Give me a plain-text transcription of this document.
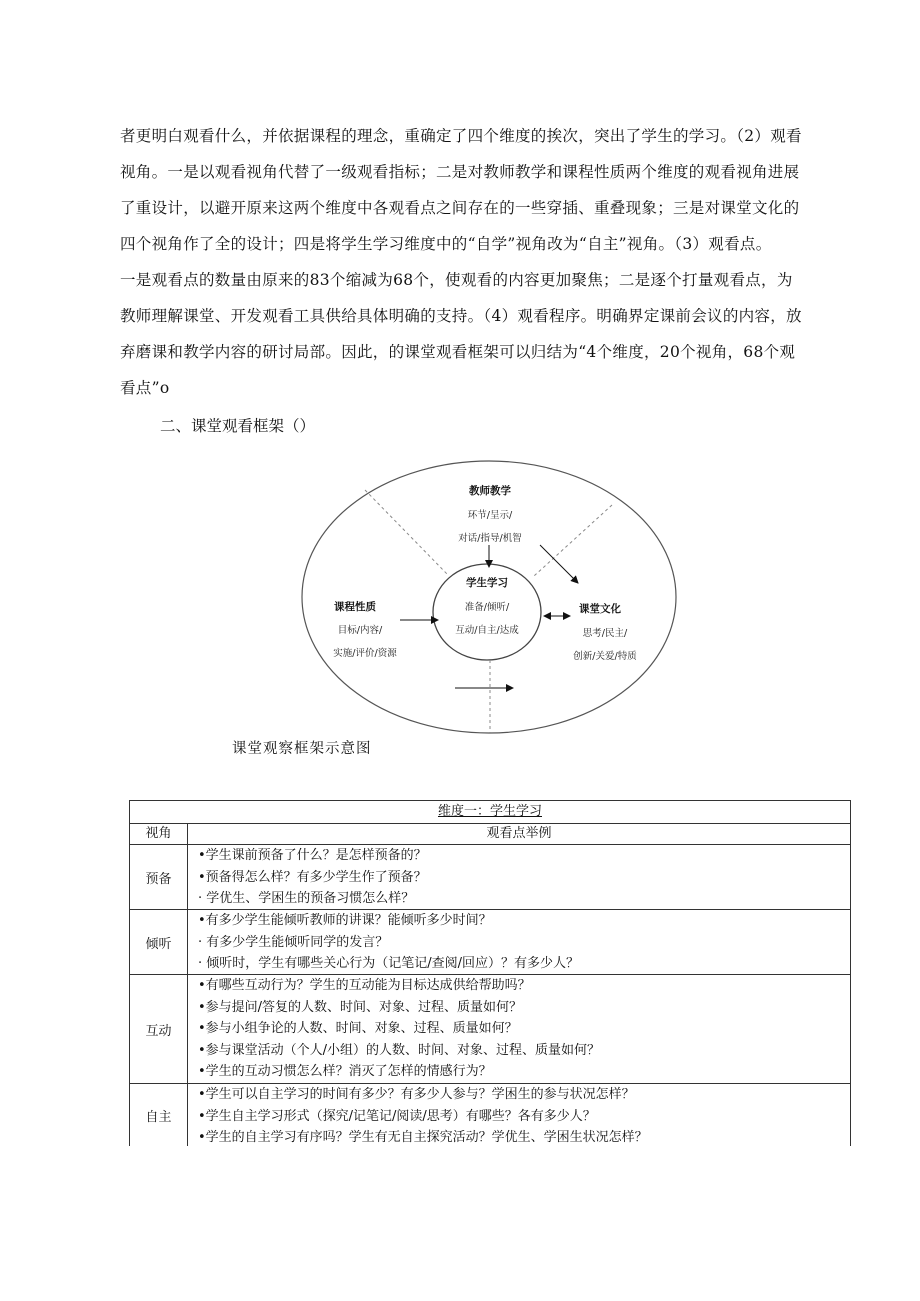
者更明白观看什么，并依据课程的理念，重确定了四个维度的挨次，突出了学生的学习。（2）观看
视角。一是以观看视角代替了一级观看指标；二是对教师教学和课程性质两个维度的观看视角进展
了重设计，以避开原来这两个维度中各观看点之间存在的一些穿插、重叠现象；三是对课堂文化的
四个视角作了全的设计；四是将学生学习维度中的“自学”视角改为“自主”视角。（3）观看点。
一是观看点的数量由原来的83个缩减为68个，使观看的内容更加聚焦；二是逐个打量观看点，为
教师理解课堂、开发观看工具供给具体明确的支持。（4）观看程序。明确界定课前会议的内容，放
弃磨课和教学内容的研讨局部。因此，的课堂观看框架可以归结为“4个维度，20个视角，68个观
看点”o
二、课堂观看框架（）
教师教学
环节/呈示/
对话/指导/机智
学生学习
准备/倾听/
互动/自主/达成
课程性质
目标/内容/
实施/评价/资源
课堂文化
思考/民主/
创新/关爱/特质
课堂观察框架示意图
维度一：学生学习	
视角	观看点举例
预备	•学生课前预备了什么？是怎样预备的？
•预备得怎么样？有多少学生作了预备？
· 学优生、学困生的预备习惯怎么样？

倾听	•有多少学生能倾听教师的讲课？能倾听多少时间？
· 有多少学生能倾听同学的发言？
· 倾听时，学生有哪些关心行为（记笔记/查阅/回应）？有多少人？

互动	•有哪些互动行为？学生的互动能为目标达成供给帮助吗？
•参与提问/答复的人数、时间、对象、过程、质量如何？
•参与小组争论的人数、时间、对象、过程、质量如何？
•参与课堂活动（个人/小组）的人数、时间、对象、过程、质量如何？
•学生的互动习惯怎么样？消灭了怎样的情感行为？

自主	•学生可以自主学习的时间有多少？有多少人参与？学困生的参与状况怎样？
•学生自主学习形式（探究/记笔记/阅读/思考）有哪些？各有多少人？
•学生的自主学习有序吗？学生有无自主探究活动？学优生、学困生状况怎样？
